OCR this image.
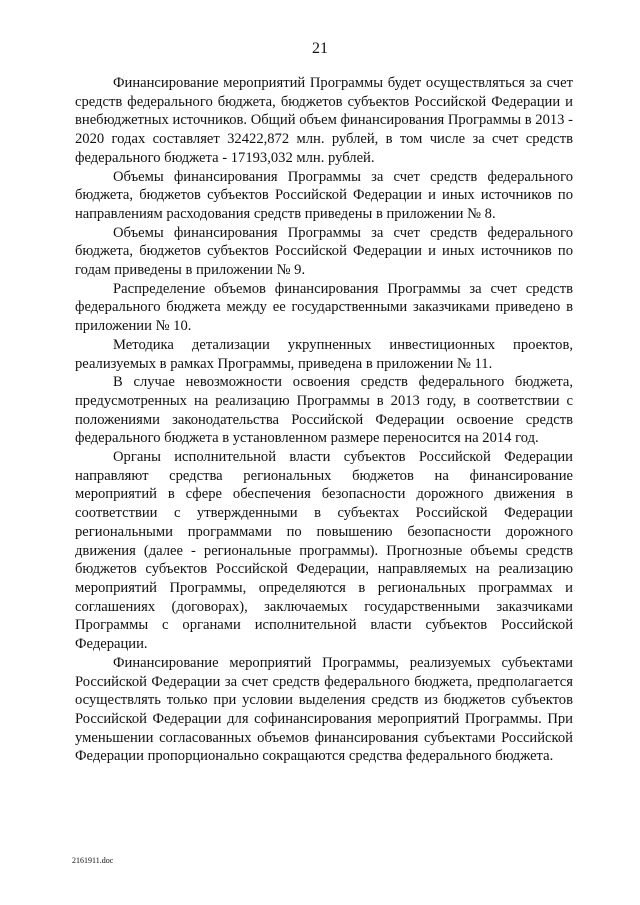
21

Финансирование мероприятий Программы будет осуществляться за счет средств федерального бюджета, бюджетов субъектов Российской Федерации и внебюджетных источников. Общий объем финансирования Программы в 2013 - 2020 годах составляет 32422,872 млн. рублей, в том числе за счет средств федерального бюджета - 17193,032 млн. рублей.

Объемы финансирования Программы за счет средств федерального бюджета, бюджетов субъектов Российской Федерации и иных источников по направлениям расходования средств приведены в приложении № 8.

Объемы финансирования Программы за счет средств федерального бюджета, бюджетов субъектов Российской Федерации и иных источников по годам приведены в приложении № 9.

Распределение объемов финансирования Программы за счет средств федерального бюджета между ее государственными заказчиками приведено в приложении № 10.

Методика детализации укрупненных инвестиционных проектов, реализуемых в рамках Программы, приведена в приложении № 11.

В случае невозможности освоения средств федерального бюджета, предусмотренных на реализацию Программы в 2013 году, в соответствии с положениями законодательства Российской Федерации освоение средств федерального бюджета в установленном размере переносится на 2014 год.

Органы исполнительной власти субъектов Российской Федерации направляют средства региональных бюджетов на финансирование мероприятий в сфере обеспечения безопасности дорожного движения в соответствии с утвержденными в субъектах Российской Федерации региональными программами по повышению безопасности дорожного движения (далее - региональные программы). Прогнозные объемы средств бюджетов субъектов Российской Федерации, направляемых на реализацию мероприятий Программы, определяются в региональных программах и соглашениях (договорах), заключаемых государственными заказчиками Программы с органами исполнительной власти субъектов Российской Федерации.

Финансирование мероприятий Программы, реализуемых субъектами Российской Федерации за счет средств федерального бюджета, предполагается осуществлять только при условии выделения средств из бюджетов субъектов Российской Федерации для софинансирования мероприятий Программы. При уменьшении согласованных объемов финансирования субъектами Российской Федерации пропорционально сокращаются средства федерального бюджета.

2161911.doc
